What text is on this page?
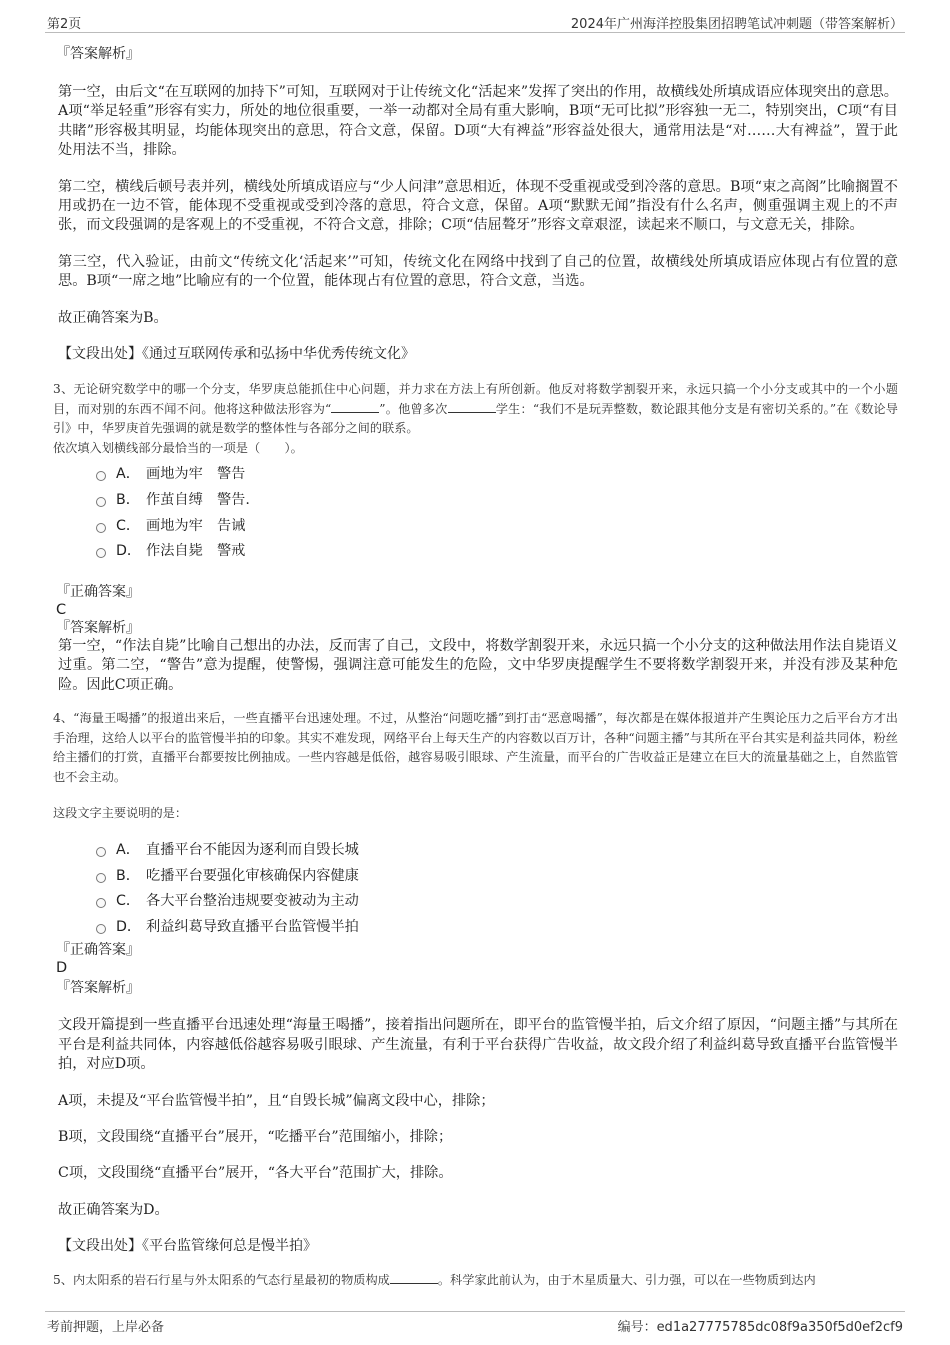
第2页	2024年广州海洋控股集团招聘笔试冲刺题（带答案解析）

『答案解析』

第一空，由后文“在互联网的加持下”可知，互联网对于让传统文化“活起来”发挥了突出的作用，故横线处所填成语应体现突出的意思。A项“举足轻重”形容有实力，所处的地位很重要，一举一动都对全局有重大影响，B项“无可比拟”形容独一无二，特别突出，C项“有目共睹”形容极其明显，均能体现突出的意思，符合文意，保留。D项“大有裨益”形容益处很大，通常用法是“对……大有裨益”，置于此处用法不当，排除。

第二空，横线后顿号表并列，横线处所填成语应与“少人问津”意思相近，体现不受重视或受到冷落的意思。B项“束之高阁”比喻搁置不用或扔在一边不管，能体现不受重视或受到冷落的意思，符合文意，保留。A项“默默无闻”指没有什么名声，侧重强调主观上的不声张，而文段强调的是客观上的不受重视，不符合文意，排除；C项“佶屈聱牙”形容文章艰涩，读起来不顺口，与文意无关，排除。

第三空，代入验证，由前文“传统文化‘活起来’”可知，传统文化在网络中找到了自己的位置，故横线处所填成语应体现占有位置的意思。B项“一席之地”比喻应有的一个位置，能体现占有位置的意思，符合文意，当选。

故正确答案为B。

【文段出处】《通过互联网传承和弘扬中华优秀传统文化》

3、无论研究数学中的哪一个分支，华罗庚总能抓住中心问题，并力求在方法上有所创新。他反对将数学割裂开来，永远只搞一个小分支或其中的一个小题目，而对别的东西不闻不问。他将这种做法形容为“	”。他曾多次	学生：“我们不是玩弄整数，数论跟其他分支是有密切关系的。”在《数论导引》中，华罗庚首先强调的就是数学的整体性与各部分之间的联系。

依次填入划横线部分最恰当的一项是（　　）。

A． 画地为牢　警告
B． 作茧自缚　警告.
C． 画地为牢　告诫
D． 作法自毙　警戒

『正确答案』

C

『答案解析』

第一空，“作法自毙”比喻自己想出的办法，反而害了自己，文段中，将数学割裂开来，永远只搞一个小分支的这种做法用作法自毙语义过重。第二空，“警告”意为提醒，使警惕，强调注意可能发生的危险，文中华罗庚提醒学生不要将数学割裂开来，并没有涉及某种危险。因此C项正确。

4、“海量王喝播”的报道出来后，一些直播平台迅速处理。不过，从整治“问题吃播”到打击“恶意喝播”，每次都是在媒体报道并产生舆论压力之后平台方才出手治理，这给人以平台的监管慢半拍的印象。其实不难发现，网络平台上每天生产的内容数以百万计，各种“问题主播”与其所在平台其实是利益共同体，粉丝给主播们的打赏，直播平台都要按比例抽成。一些内容越是低俗，越容易吸引眼球、产生流量，而平台的广告收益正是建立在巨大的流量基础之上，自然监管也不会主动。

这段文字主要说明的是：

A． 直播平台不能因为逐利而自毁长城
B． 吃播平台要强化审核确保内容健康
C． 各大平台整治违规要变被动为主动
D． 利益纠葛导致直播平台监管慢半拍

『正确答案』

D

『答案解析』

文段开篇提到一些直播平台迅速处理“海量王喝播”，接着指出问题所在，即平台的监管慢半拍，后文介绍了原因，“问题主播”与其所在平台是利益共同体，内容越低俗越容易吸引眼球、产生流量，有利于平台获得广告收益，故文段介绍了利益纠葛导致直播平台监管慢半拍，对应D项。

A项，未提及“平台监管慢半拍”，且“自毁长城”偏离文段中心，排除；

B项，文段围绕“直播平台”展开，“吃播平台”范围缩小，排除；

C项，文段围绕“直播平台”展开，“各大平台”范围扩大，排除。

故正确答案为D。

【文段出处】《平台监管缘何总是慢半拍》

5、内太阳系的岩石行星与外太阳系的气态行星最初的物质构成	。科学家此前认为，由于木星质量大、引力强，可以在一些物质到达内

考前押题，上岸必备	编号：ed1a27775785dc08f9a350f5d0ef2cf9
